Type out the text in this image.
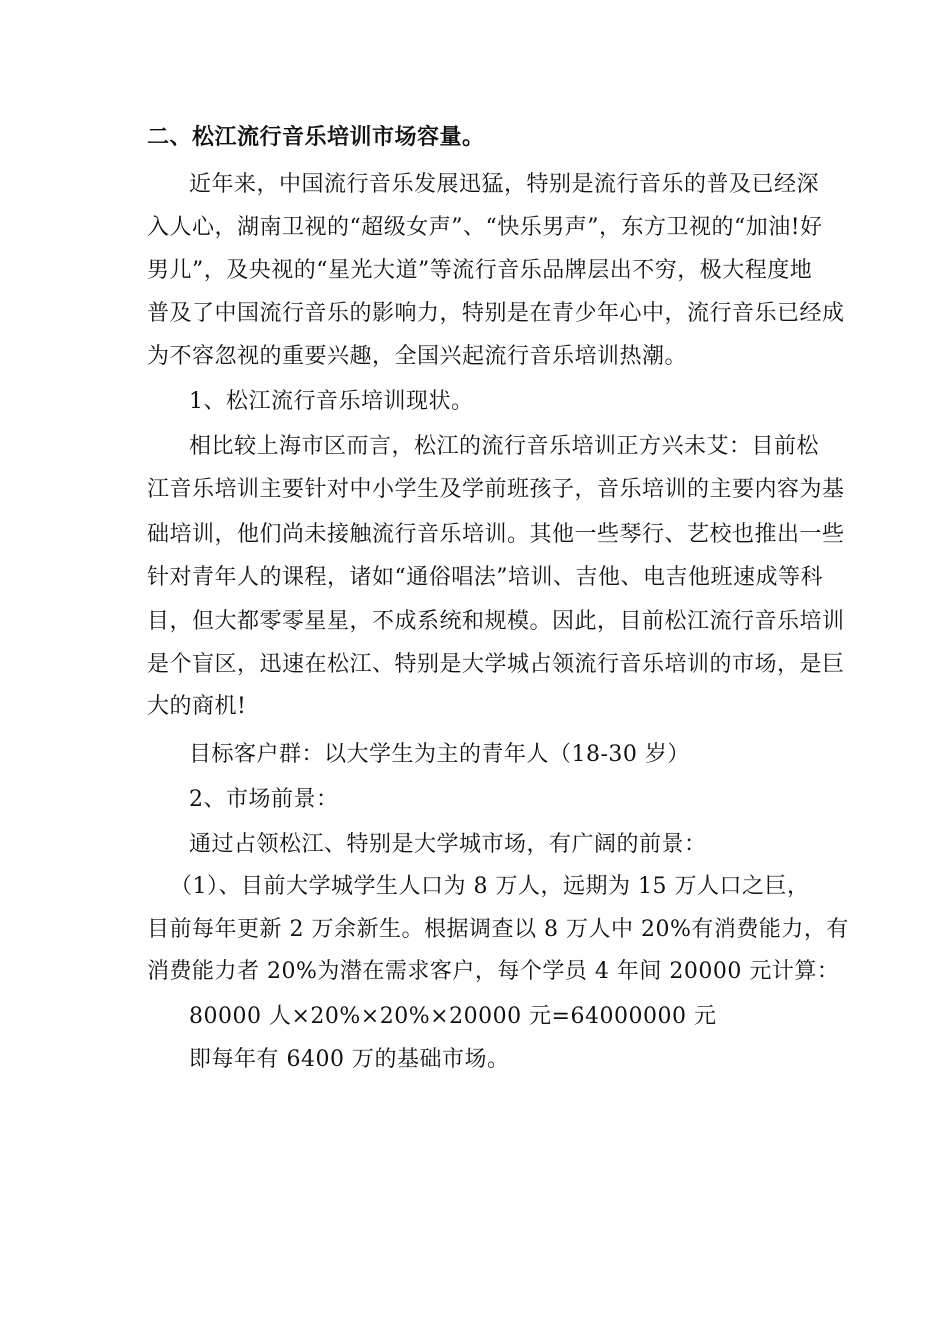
二、松江流行音乐培训市场容量。
近年来，中国流行音乐发展迅猛，特别是流行音乐的普及已经深
入人心，湖南卫视的“超级女声”、“快乐男声”，东方卫视的“加油!好
男儿”，及央视的“星光大道”等流行音乐品牌层出不穷，极大程度地
普及了中国流行音乐的影响力，特别是在青少年心中，流行音乐已经成
为不容忽视的重要兴趣，全国兴起流行音乐培训热潮。
1、松江流行音乐培训现状。
相比较上海市区而言，松江的流行音乐培训正方兴未艾：目前松
江音乐培训主要针对中小学生及学前班孩子，音乐培训的主要内容为基
础培训，他们尚未接触流行音乐培训。其他一些琴行、艺校也推出一些
针对青年人的课程，诸如“通俗唱法”培训、吉他、电吉他班速成等科
目，但大都零零星星，不成系统和规模。因此，目前松江流行音乐培训
是个盲区，迅速在松江、特别是大学城占领流行音乐培训的市场，是巨
大的商机!
目标客户群：以大学生为主的青年人（18-30 岁）
2、市场前景：
通过占领松江、特别是大学城市场，有广阔的前景：
（1）、目前大学城学生人口为 8 万人，远期为 15 万人口之巨，
目前每年更新 2 万余新生。根据调查以 8 万人中 20%有消费能力，有
消费能力者 20%为潜在需求客户，每个学员 4 年间 20000 元计算：
80000 人×20%×20%×20000 元=64000000 元
即每年有 6400 万的基础市场。
